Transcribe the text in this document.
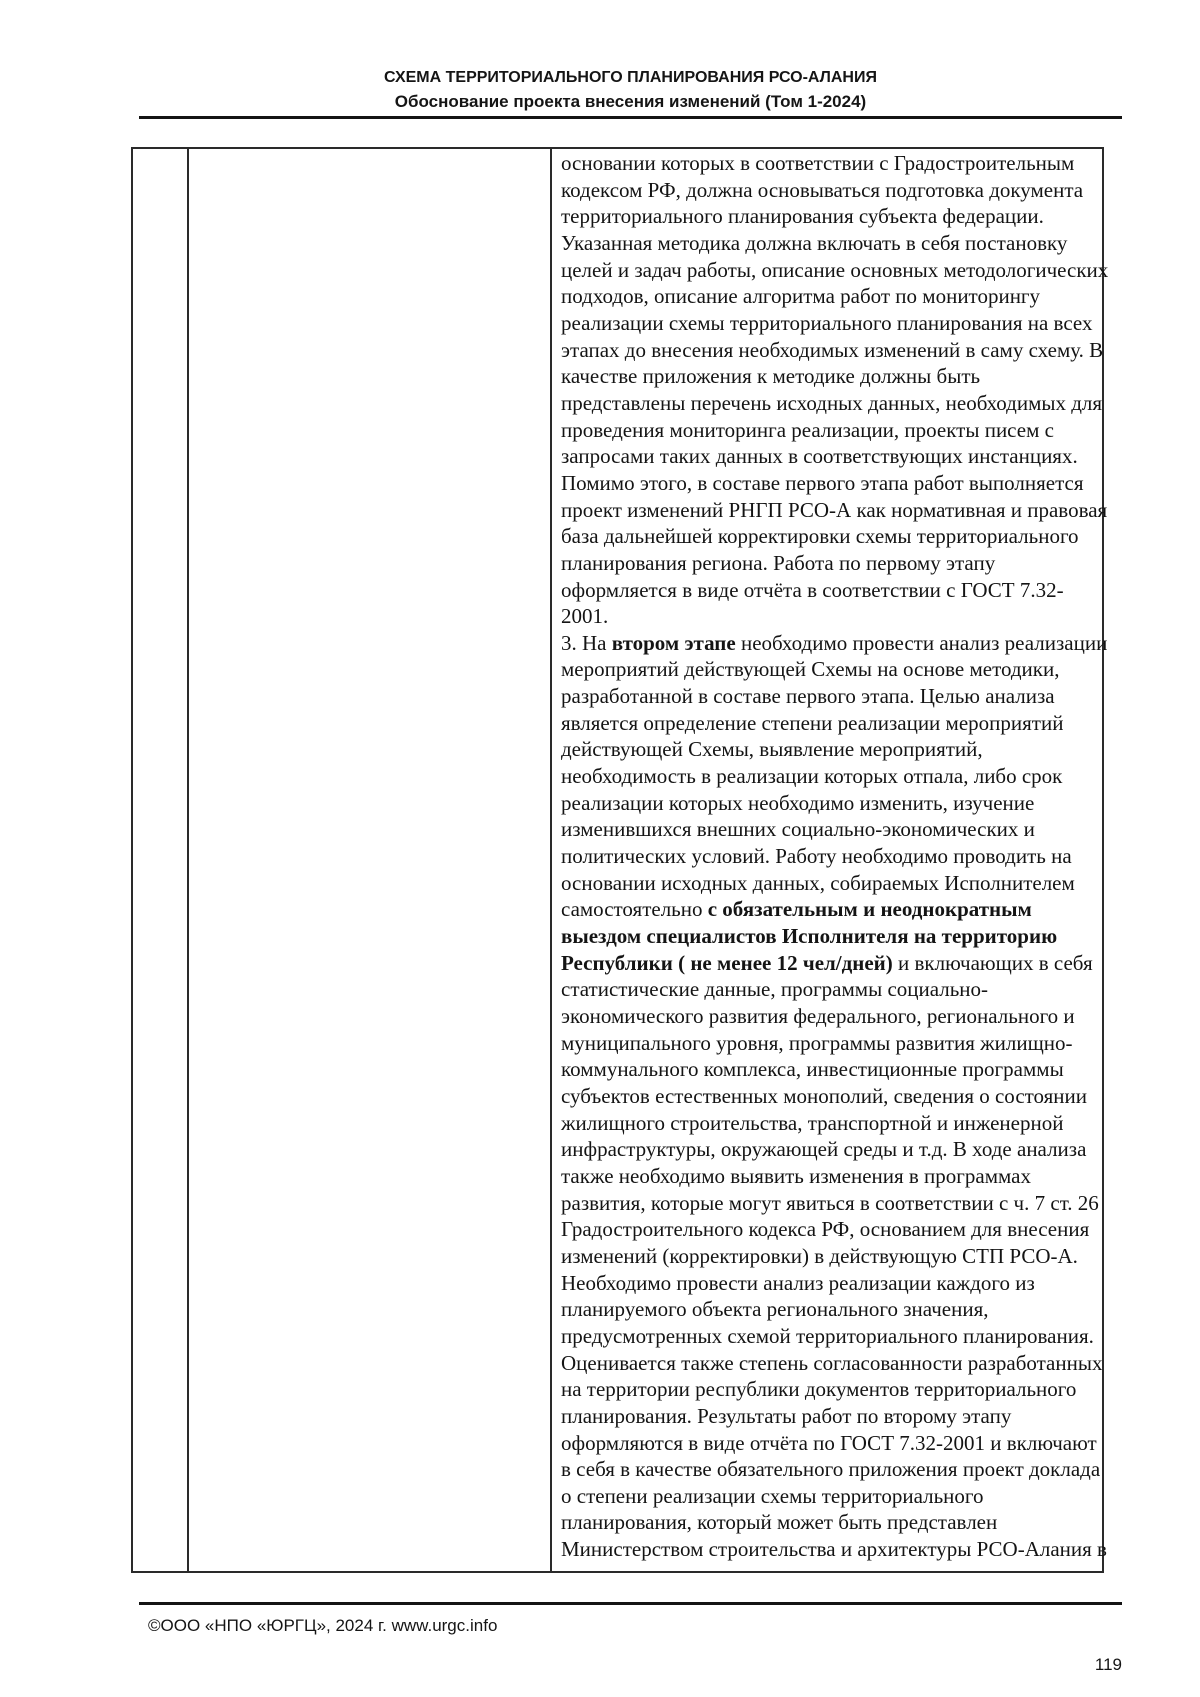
СХЕМА ТЕРРИТОРИАЛЬНОГО ПЛАНИРОВАНИЯ РСО-АЛАНИЯ
Обоснование проекта внесения изменений (Том 1-2024)
основании которых в соответствии с Градостроительным
кодексом РФ, должна основываться подготовка документа
территориального планирования субъекта федерации.
Указанная методика должна включать в себя постановку
целей и задач работы, описание основных методологических
подходов, описание алгоритма работ по мониторингу
реализации схемы территориального планирования на всех
этапах до внесения необходимых изменений в саму схему. В
качестве приложения к методике должны быть
представлены перечень исходных данных, необходимых для
проведения мониторинга реализации, проекты писем с
запросами таких данных в соответствующих инстанциях.
Помимо этого, в составе первого этапа работ выполняется
проект изменений РНГП РСО-А как нормативная и правовая
база дальнейшей корректировки схемы территориального
планирования региона. Работа по первому этапу
оформляется в виде отчёта в соответствии с ГОСТ 7.32-
2001.
3. На втором этапе необходимо провести анализ реализации
мероприятий действующей Схемы на основе методики,
разработанной в составе первого этапа. Целью анализа
является определение степени реализации мероприятий
действующей Схемы, выявление мероприятий,
необходимость в реализации которых отпала, либо срок
реализации которых необходимо изменить, изучение
изменившихся внешних социально-экономических и
политических условий. Работу необходимо проводить на
основании исходных данных, собираемых Исполнителем
самостоятельно с обязательным и неоднократным
выездом специалистов Исполнителя на территорию
Республики ( не менее 12 чел/дней) и включающих в себя
статистические данные, программы социально-
экономического развития федерального, регионального и
муниципального уровня, программы развития жилищно-
коммунального комплекса, инвестиционные программы
субъектов естественных монополий, сведения о состоянии
жилищного строительства, транспортной и инженерной
инфраструктуры, окружающей среды и т.д. В ходе анализа
также необходимо выявить изменения в программах
развития, которые могут явиться в соответствии с ч. 7 ст. 26
Градостроительного кодекса РФ, основанием для внесения
изменений (корректировки) в действующую СТП РСО-А.
Необходимо провести анализ реализации каждого из
планируемого объекта регионального значения,
предусмотренных схемой территориального планирования.
Оценивается также степень согласованности разработанных
на территории республики документов территориального
планирования. Результаты работ по второму этапу
оформляются в виде отчёта по ГОСТ 7.32-2001 и включают
в себя в качестве обязательного приложения проект доклада
о степени реализации схемы территориального
планирования, который может быть представлен
Министерством строительства и архитектуры РСО-Алания в
©ООО «НПО «ЮРГЦ», 2024 г. www.urgc.info
119
